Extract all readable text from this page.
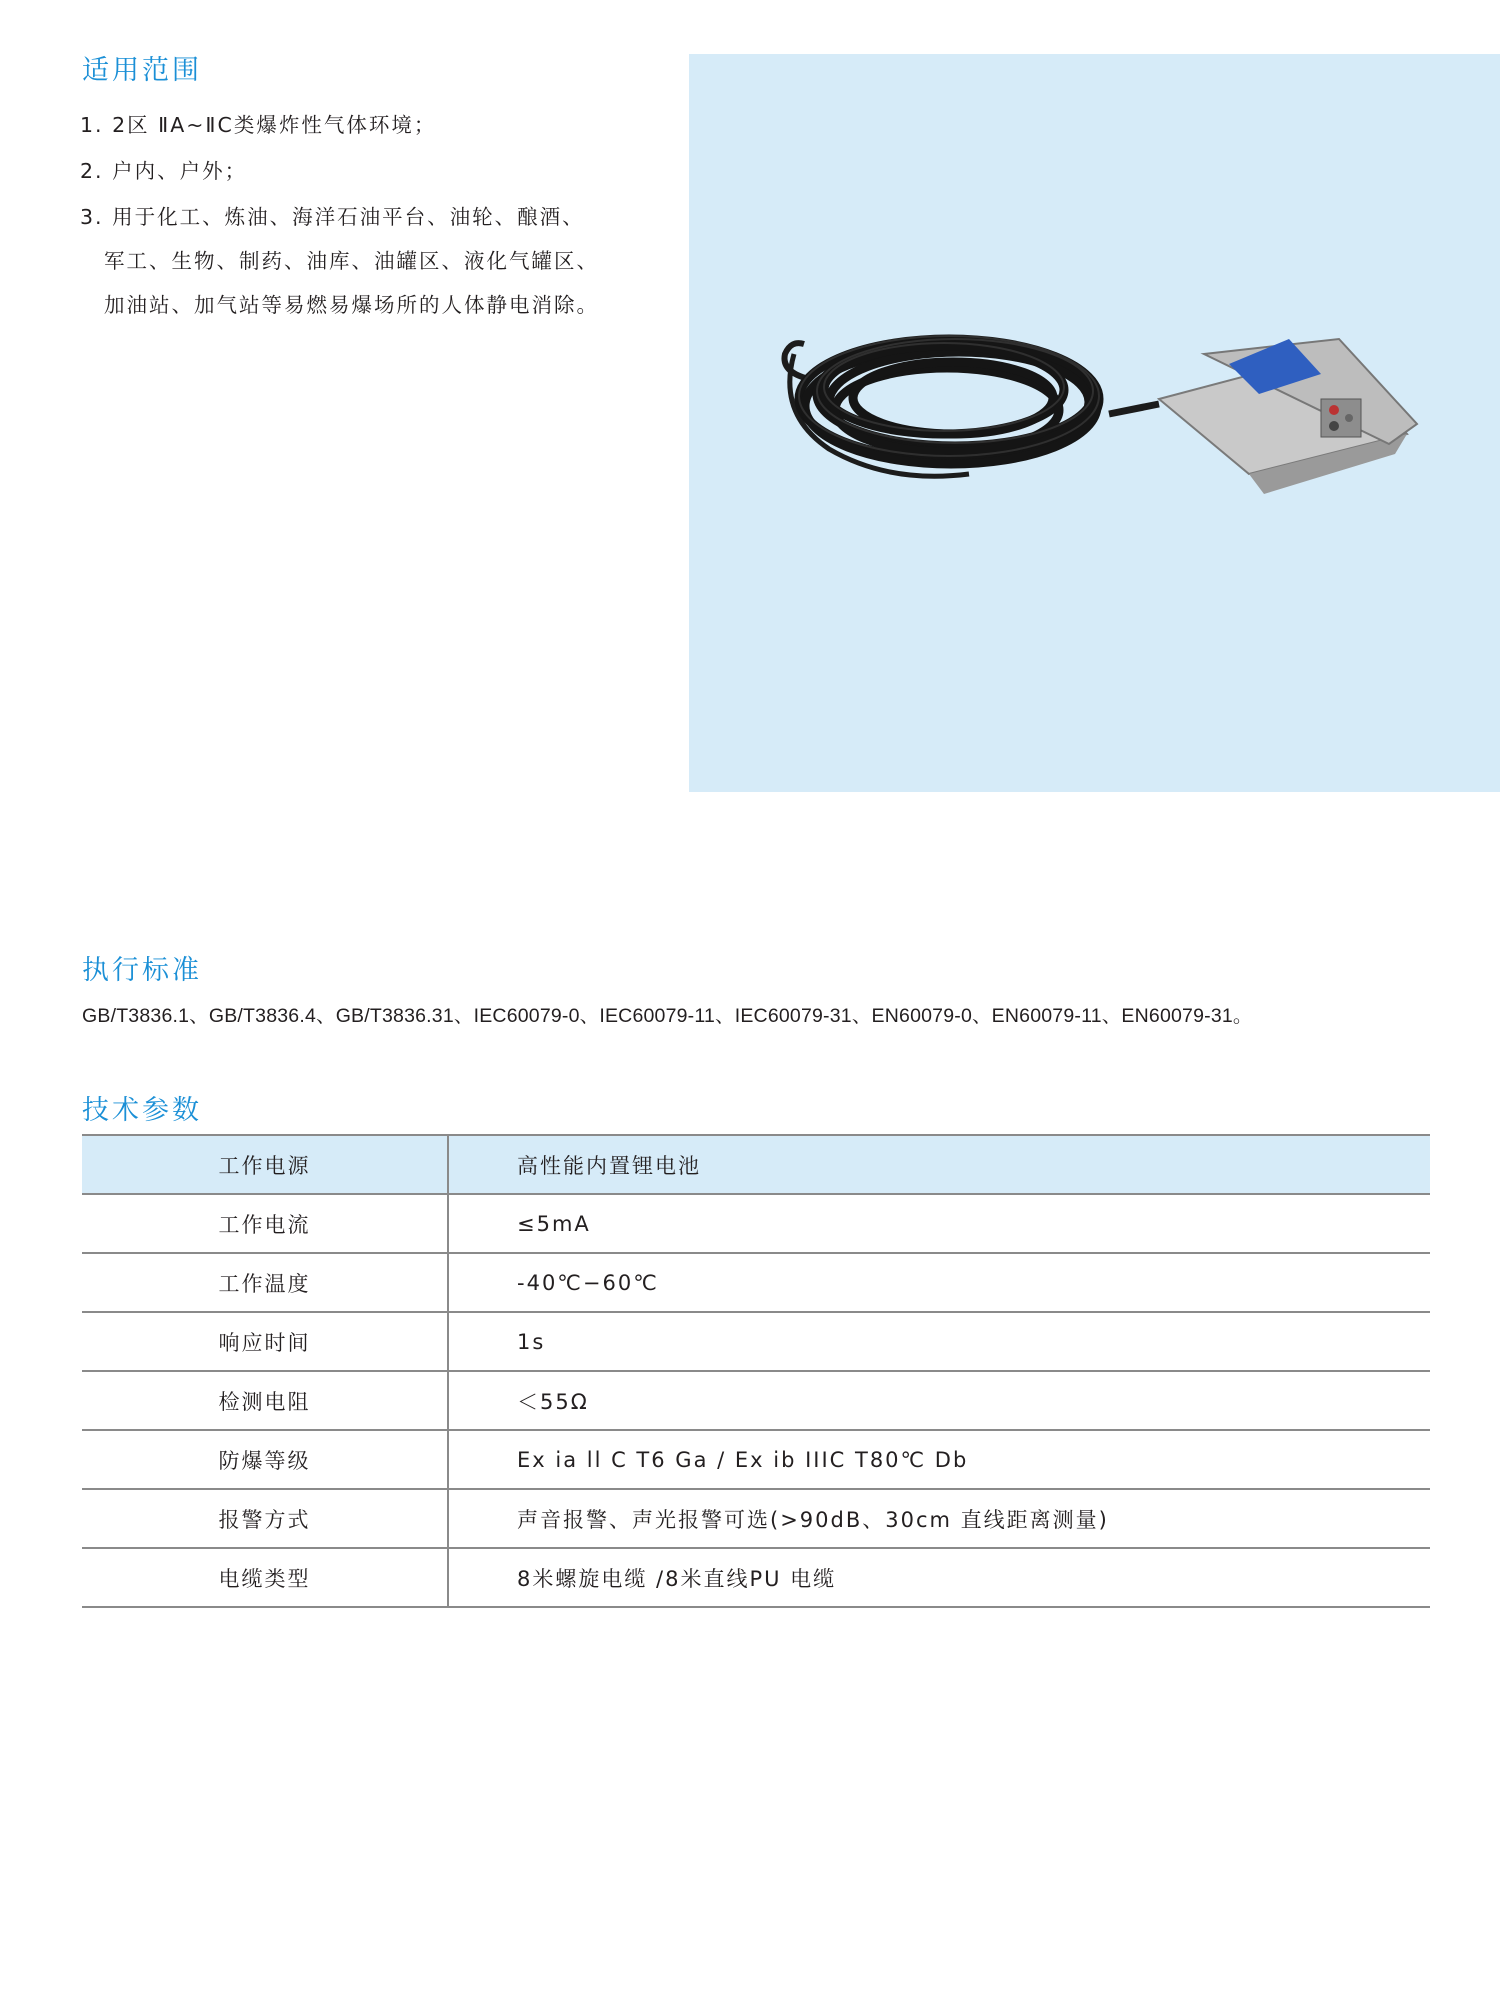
适用范围
1. 2区 ⅡA~ⅡC类爆炸性气体环境；
2. 户内、户外；
3. 用于化工、炼油、海洋石油平台、油轮、酿酒、
军工、生物、制药、油库、油罐区、液化气罐区、
加油站、加气站等易燃易爆场所的人体静电消除。
执行标准
GB/T3836.1、GB/T3836.4、GB/T3836.31、IEC60079-0、IEC60079-11、IEC60079-31、EN60079-0、EN60079-11、EN60079-31。
技术参数
工作电源	高性能内置锂电池
工作电流	≤5mA
工作温度	-40℃−60℃
响应时间	1s
检测电阻	＜55Ω
防爆等级	Ex ia ll C T6 Ga / Ex ib IIIC T80℃ Db
报警方式	声音报警、声光报警可选(>90dB、30cm 直线距离测量)
电缆类型	8米螺旋电缆 /8米直线PU 电缆
